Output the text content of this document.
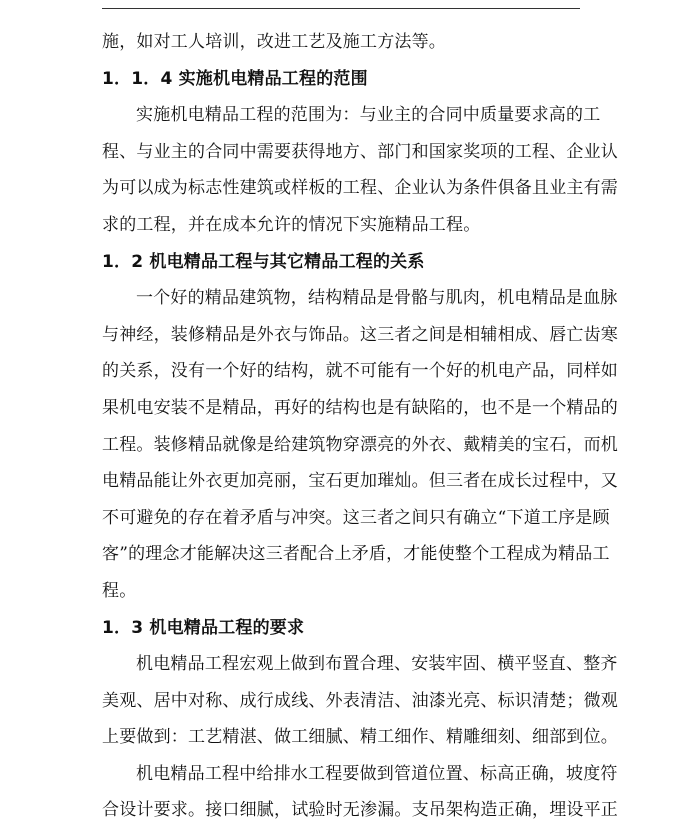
施，如对工人培训，改进工艺及施工方法等。
1．1．4 实施机电精品工程的范围
实施机电精品工程的范围为：与业主的合同中质量要求高的工
程、与业主的合同中需要获得地方、部门和国家奖项的工程、企业认
为可以成为标志性建筑或样板的工程、企业认为条件俱备且业主有需
求的工程，并在成本允许的情况下实施精品工程。
1．2 机电精品工程与其它精品工程的关系
一个好的精品建筑物，结构精品是骨骼与肌肉，机电精品是血脉
与神经，装修精品是外衣与饰品。这三者之间是相辅相成、唇亡齿寒
的关系，没有一个好的结构，就不可能有一个好的机电产品，同样如
果机电安装不是精品，再好的结构也是有缺陷的，也不是一个精品的
工程。装修精品就像是给建筑物穿漂亮的外衣、戴精美的宝石，而机
电精品能让外衣更加亮丽，宝石更加璀灿。但三者在成长过程中，又
不可避免的存在着矛盾与冲突。这三者之间只有确立“下道工序是顾
客”的理念才能解决这三者配合上矛盾，才能使整个工程成为精品工
程。
1．3 机电精品工程的要求
机电精品工程宏观上做到布置合理、安装牢固、横平竖直、整齐
美观、居中对称、成行成线、外表清洁、油漆光亮、标识清楚；微观
上要做到：工艺精湛、做工细腻、精工细作、精雕细刻、细部到位。
机电精品工程中给排水工程要做到管道位置、标高正确，坡度符
合设计要求。接口细腻，试验时无渗漏。支吊架构造正确，埋设平正
